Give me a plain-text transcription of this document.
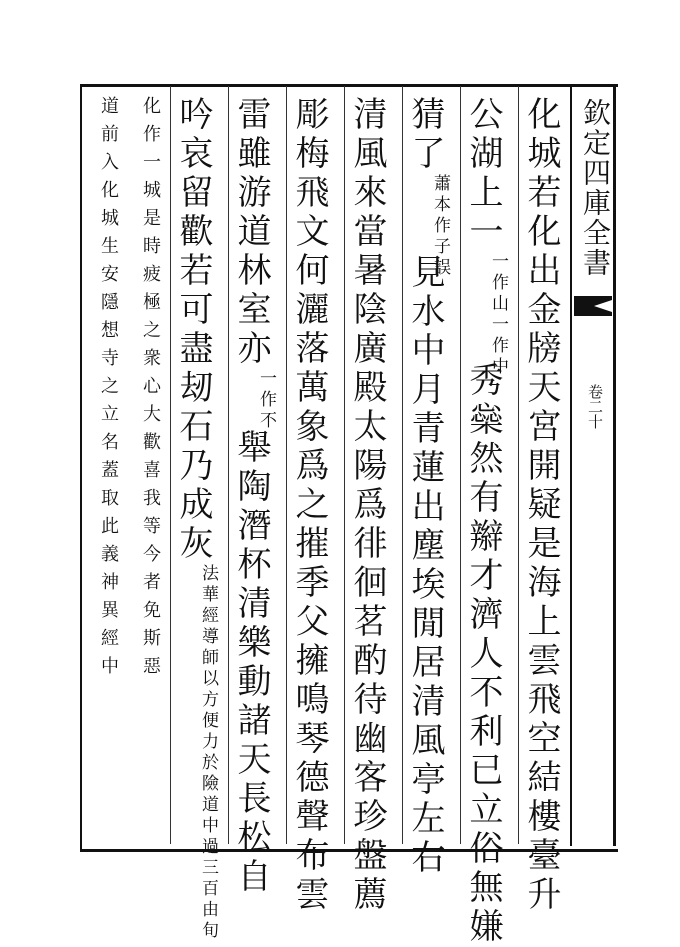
欽定四庫全書
卷二十
化城若化出金牓天宮開疑是海上雲飛空結樓臺升
公湖上一一作山一作中秀橤然有辮才濟人不利已立俗無嫌
猜了蕭本作子誤見水中月青蓮出塵埃閒居清風亭左右
清風來當暑陰廣殿太陽爲徘徊茗酌待幽客珍盤薦
彫梅飛文何灑落萬象爲之摧季父擁鳴琴德聲布雲
雷雖游道林室亦一作不舉陶潛杯清樂動諸天長松自
吟哀留歡若可盡刼石乃成灰法華經導師以方便力於險道中過三百由旬
化作一城是時疲極之衆心大歡喜我等今者免斯惡
道前入化城生安隱想寺之立名蓋取此義神異經中
